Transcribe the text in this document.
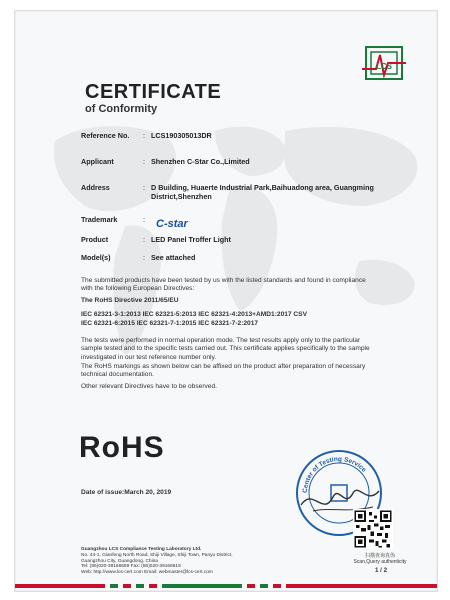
LCS
CERTIFICATE
of Conformity
Reference No.	: LCS190305013DR
Applicant	: Shenzhen C-Star Co.,Limited
Address	: D Building, Huaerte Industrial Park,Baihuadong area, Guangming District,Shenzhen
Trademark	: C-star
Product	: LED Panel Troffer Light
Model(s)	: See attached
The submitted products have been tested by us with the listed standards and found in compliance with the following European Directives:
The RoHS Directive 2011/65/EU
IEC 62321-3-1:2013 IEC 62321-5:2013 IEC 62321-4:2013+AMD1:2017 CSV
IEC 62321-6:2015 IEC 62321-7-1:2015 IEC 62321-7-2:2017
The tests were performed in normal operation mode. The test results apply only to the particular sample tested and to the specific tests carried out. This certificate applies specifically to the sample investigated in our test reference number only.
The RoHS markings as shown below can be affixed on the product after preparation of necessary technical documentation.
Other relevant Directives have to be observed.
RoHS
Date of issue:March 20, 2019	Center of Testing Service
扫描查询真伪
Scan,Query authenticity
1 / 2
Guangzhou LCS Compliance Testing Laboratory Ltd.
No. 44-1, Gianfeng North Road, Shiji Village, Shiji Town, Panyu District,
Guangzhou City, Guangdong, China
Tel: (86)020-39166689 Fax: (86)020-39166619
Web: http://www.lcs-cert.com Email: webmaster@lcs-cert.com
